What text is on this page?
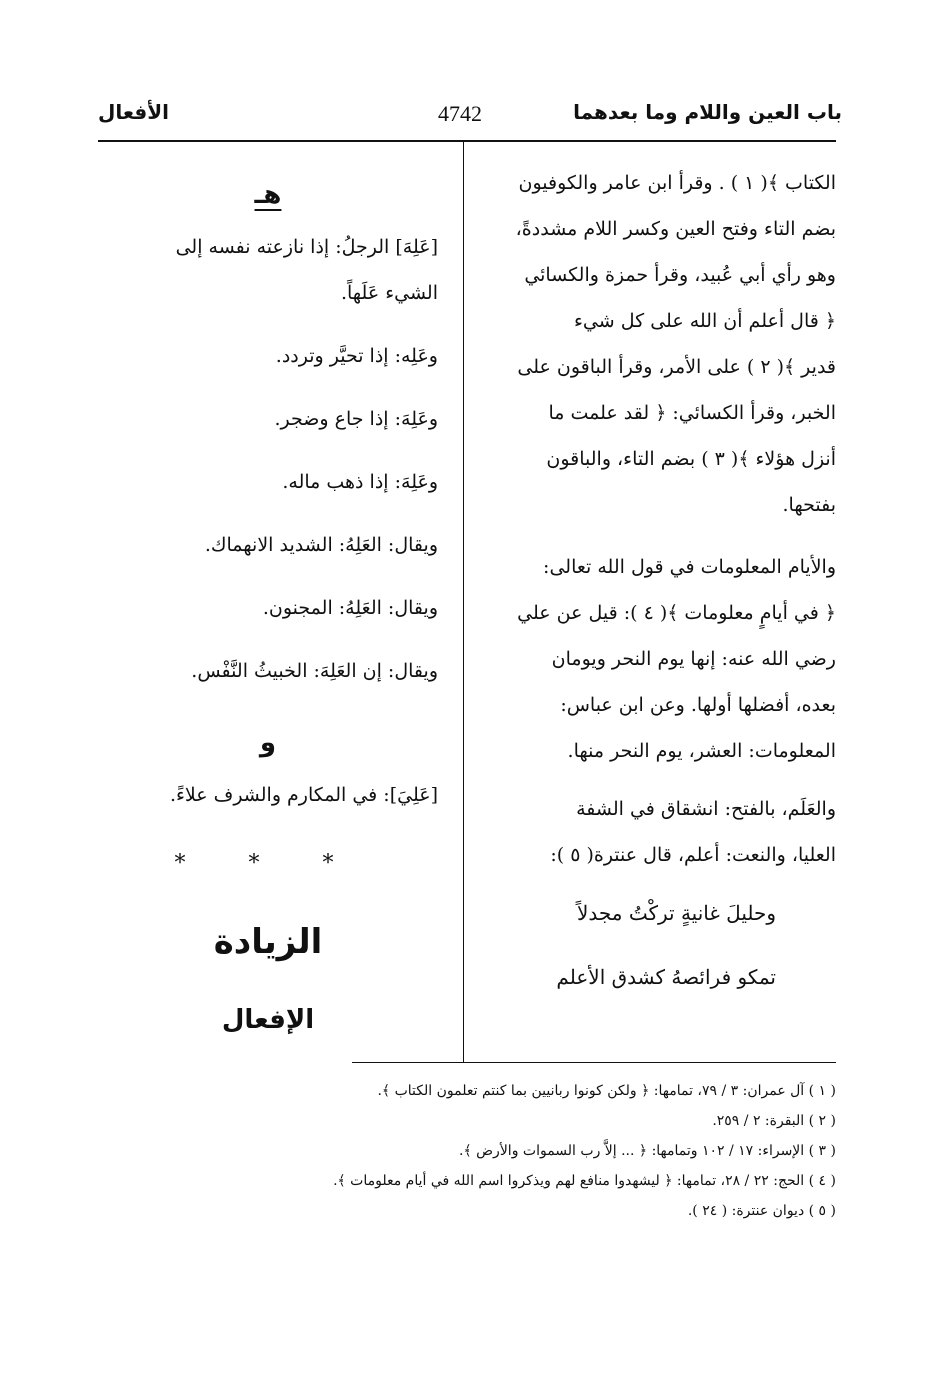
باب العين واللام وما بعدهما
4742
الأفعال

الكتاب ﴾( ١ ) . وقرأ ابن عامر والكوفيون

بضم التاء وفتح العين وكسر اللام مشددةً،

وهو رأي أبي عُبيد، وقرأ حمزة والكسائي

﴿ قال أعلم أن الله على كل شيء

قدير ﴾( ٢ ) على الأمر، وقرأ الباقون على

الخبر، وقرأ الكسائي: ﴿ لقد علمت ما

أنزل هؤلاء ﴾( ٣ ) بضم التاء، والباقون

بفتحها.

والأيام المعلومات في قول الله تعالى:

﴿ في أيامٍ معلومات ﴾( ٤ ): قيل عن علي

رضي الله عنه: إنها يوم النحر ويومان

بعده، أفضلها أولها. وعن ابن عباس:

المعلومات: العشر، يوم النحر منها.

والعَلَم، بالفتح: انشقاق في الشفة

العليا، والنعت: أعلم، قال عنترة( ٥ ):

وحليلَ غانيةٍ تركْتُ مجدلاً

تمكو فرائصهُ كشدق الأعلم

هـ

[عَلِهَ] الرجلُ: إذا نازعته نفسه إلى

الشيء عَلَهاً.

وعَلِه: إذا تحيَّر وتردد.

وعَلِهَ: إذا جاع وضجر.

وعَلِهَ: إذا ذهب ماله.

ويقال: العَلِهُ: الشديد الانهماك.

ويقال: العَلِهُ: المجنون.

ويقال: إن العَلِهَ: الخبيثُ النَّفْس.

و

[عَلِيَ]: في المكارم والشرف علاءً.

* * *

الزيادة

الإفعال

( ١ ) آل عمران: ٣ / ٧٩، تمامها: ﴿ ولكن كونوا ربانيين بما كنتم تعلمون الكتاب ﴾.

( ٢ ) البقرة: ٢ / ٢٥٩.

( ٣ ) الإسراء: ١٧ / ١٠٢ وتمامها: ﴿ ... إلاَّ رب السموات والأرض ﴾.

( ٤ ) الحج: ٢٢ / ٢٨، تمامها: ﴿ ليشهدوا منافع لهم ويذكروا اسم الله في أيام معلومات ﴾.

( ٥ ) ديوان عنترة: ( ٢٤ ).
